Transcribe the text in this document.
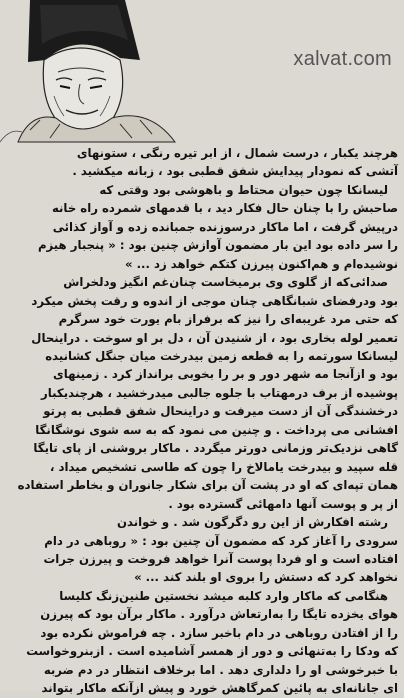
xalvat.com

هرچند یکبار ، درست شمال ، از ابر تیره رنگی ، ستونهای
آتشی که نمودار پیدایش شفق قطبی بود ، زبانه میکشید .

لیسانکا چون حیوان محتاط و باهوشی بود وقتی که
صاحبش را با چنان حال فکار دید ، با قدمهای شمرده راه خانه
درپیش گرفت ، اما ماکار درسوزنده جمبانده زده و آواز کذائی
را سر داده بود این بار مضمون آوازش چنین بود : « پنجبار هیزم
نوشیده‌ام و هم‌اکنون پیرزن کتکم خواهد زد ... »

صدائی‌که از گلوی وی برمیخاست چنان‌غم انگیز ودلخراش
بود ودرفضای شبانگاهی چنان موجی از اندوه و رقت پخش میکرد
که حتی مرد غریبه‌ای را نیز که برفراز بام یورت خود سرگرم
تعمیر لوله بخاری بود ، از شنیدن آن ، دل بر او سوخت . دراینحال
لیسانکا سورتمه را به قطعه زمین بیدرخت میان جنگل کشانیده
بود و ازآنجا مه شهر دور و بر را بخوبی برانداز کرد . زمینهای
پوشیده از برف درمهتاب با جلوه جالبی میدرخشید ، هرچندیکبار
درخشندگی آن از دست میرفت و دراینحال شفق قطبی به پرتو
افشانی می پرداخت . و چنین می نمود که به سه شوی نوشگانگا
گاهی نزدیک‌تر وزمانی دورتر میگردد . ماکار بروشنی از پای تایگا
قله سپید و بیدرخت یامالاخ را چون که طاسی تشخیص میداد ،
همان تپه‌ای که او در پشت آن برای شکار جانوران و بخاطر استفاده
از پر و پوست آنها دامهائی گسترده بود .

رشته افکارش از این رو دگرگون شد . و خواندن
سرودی را آغاز کرد که مضمون آن چنین بود : « روباهی در دام
افتاده است و او فردا پوست آنرا خواهد فروخت و پیرزن جرات
نخواهد کرد که دستش را بروی او بلند کند ... »

هنگامی که ماکار وارد کلبه میشد نخستین طنین‌زنگ کلیسا
هوای یخزده تایگا را به‌ارتعاش درآورد . ماکار برآن بود که پیرزن
را از افتادن روباهی در دام باخبر سازد . چه فراموش نکرده بود
که ودکا را به‌تنهائی و دور از همسر آشامیده است . ازبنرو‌خواست
با خبرخوشی او را دلداری دهد . اما برخلاف انتظار در دم ضربه
ای جانانه‌ای به پائین کمرگاهش خورد و پیش ازآنکه ماکار بتواند
